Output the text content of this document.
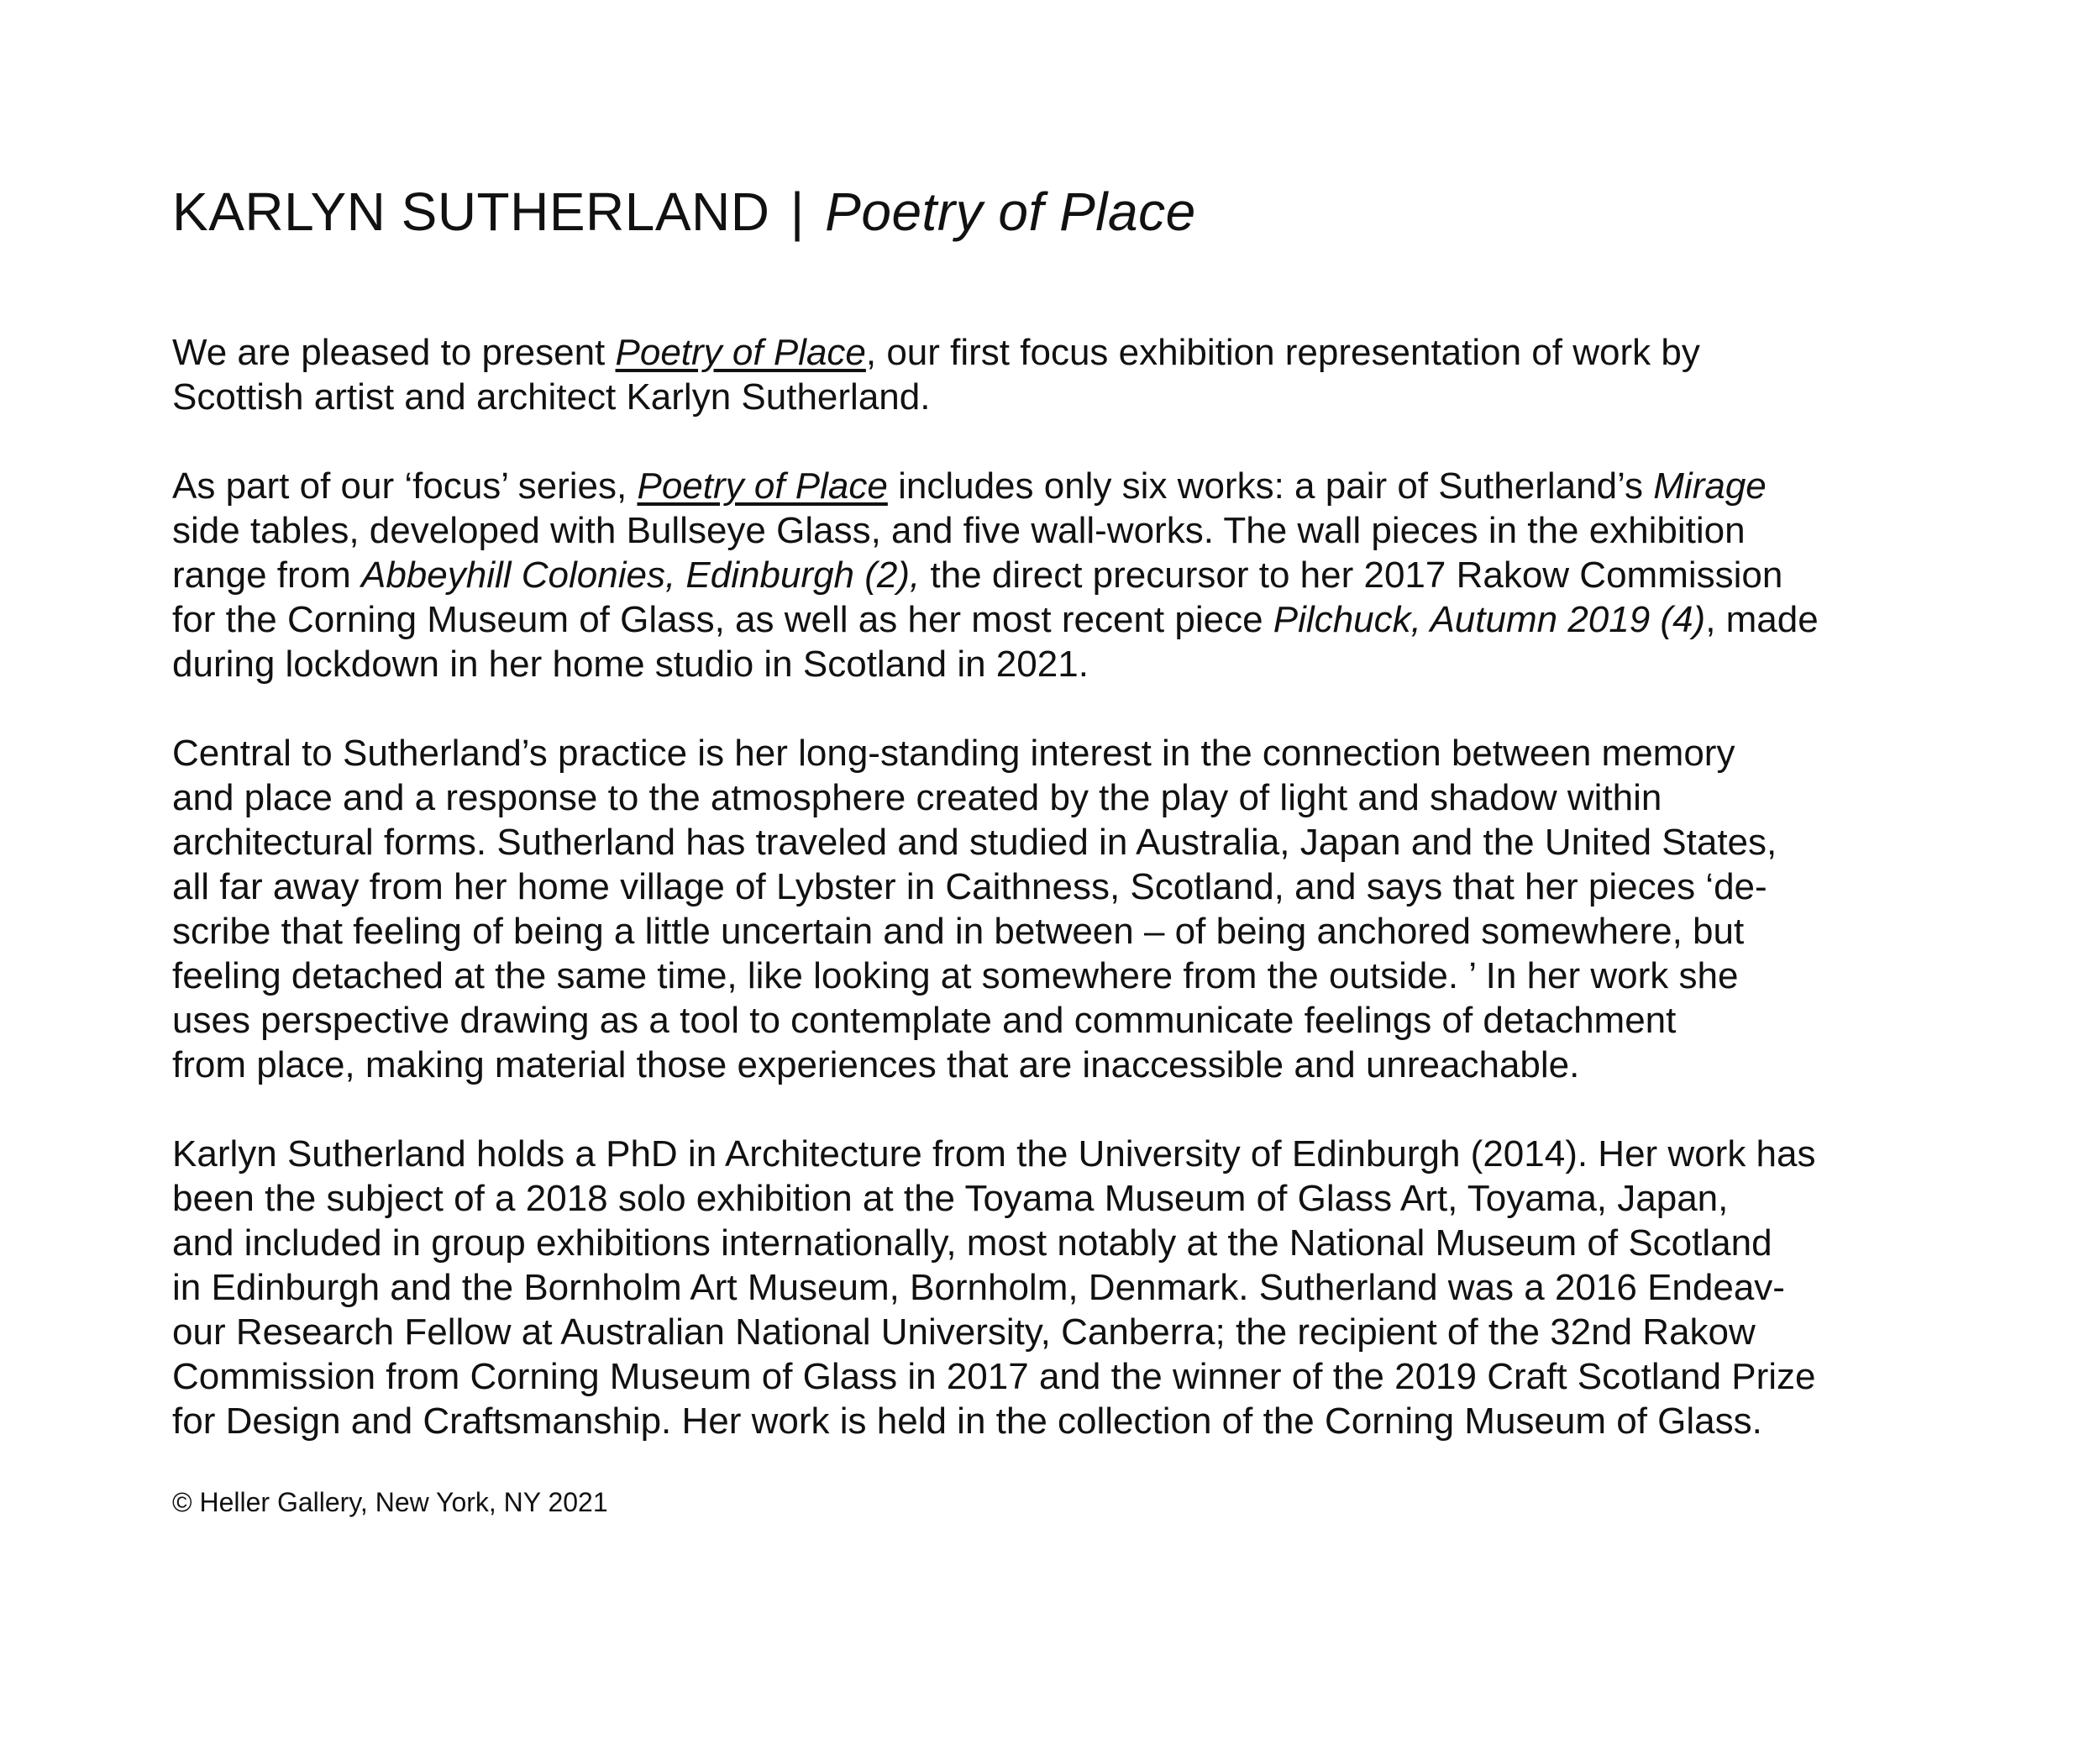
KARLYN SUTHERLAND | Poetry of Place

We are pleased to present Poetry of Place, our first focus exhibition representation of work by
Scottish artist and architect Karlyn Sutherland.

As part of our ‘focus’ series, Poetry of Place includes only six works: a pair of Sutherland’s Mirage
side tables, developed with Bullseye Glass, and five wall-works. The wall pieces in the exhibition
range from Abbeyhill Colonies, Edinburgh (2), the direct precursor to her 2017 Rakow Commission
for the Corning Museum of Glass, as well as her most recent piece Pilchuck, Autumn 2019 (4), made
during lockdown in her home studio in Scotland in 2021.

Central to Sutherland’s practice is her long-standing interest in the connection between memory
and place and a response to the atmosphere created by the play of light and shadow within
architectural forms. Sutherland has traveled and studied in Australia, Japan and the United States,
all far away from her home village of Lybster in Caithness, Scotland, and says that her pieces ‘de-
scribe that feeling of being a little uncertain and in between – of being anchored somewhere, but
feeling detached at the same time, like looking at somewhere from the outside. ’ In her work she
uses perspective drawing as a tool to contemplate and communicate feelings of detachment
from place, making material those experiences that are inaccessible and unreachable.

Karlyn Sutherland holds a PhD in Architecture from the University of Edinburgh (2014). Her work has
been the subject of a 2018 solo exhibition at the Toyama Museum of Glass Art, Toyama, Japan,
and included in group exhibitions internationally, most notably at the National Museum of Scotland
in Edinburgh and the Bornholm Art Museum, Bornholm, Denmark. Sutherland was a 2016 Endeav-
our Research Fellow at Australian National University, Canberra; the recipient of the 32nd Rakow
Commission from Corning Museum of Glass in 2017 and the winner of the 2019 Craft Scotland Prize
for Design and Craftsmanship. Her work is held in the collection of the Corning Museum of Glass.

© Heller Gallery, New York, NY 2021
